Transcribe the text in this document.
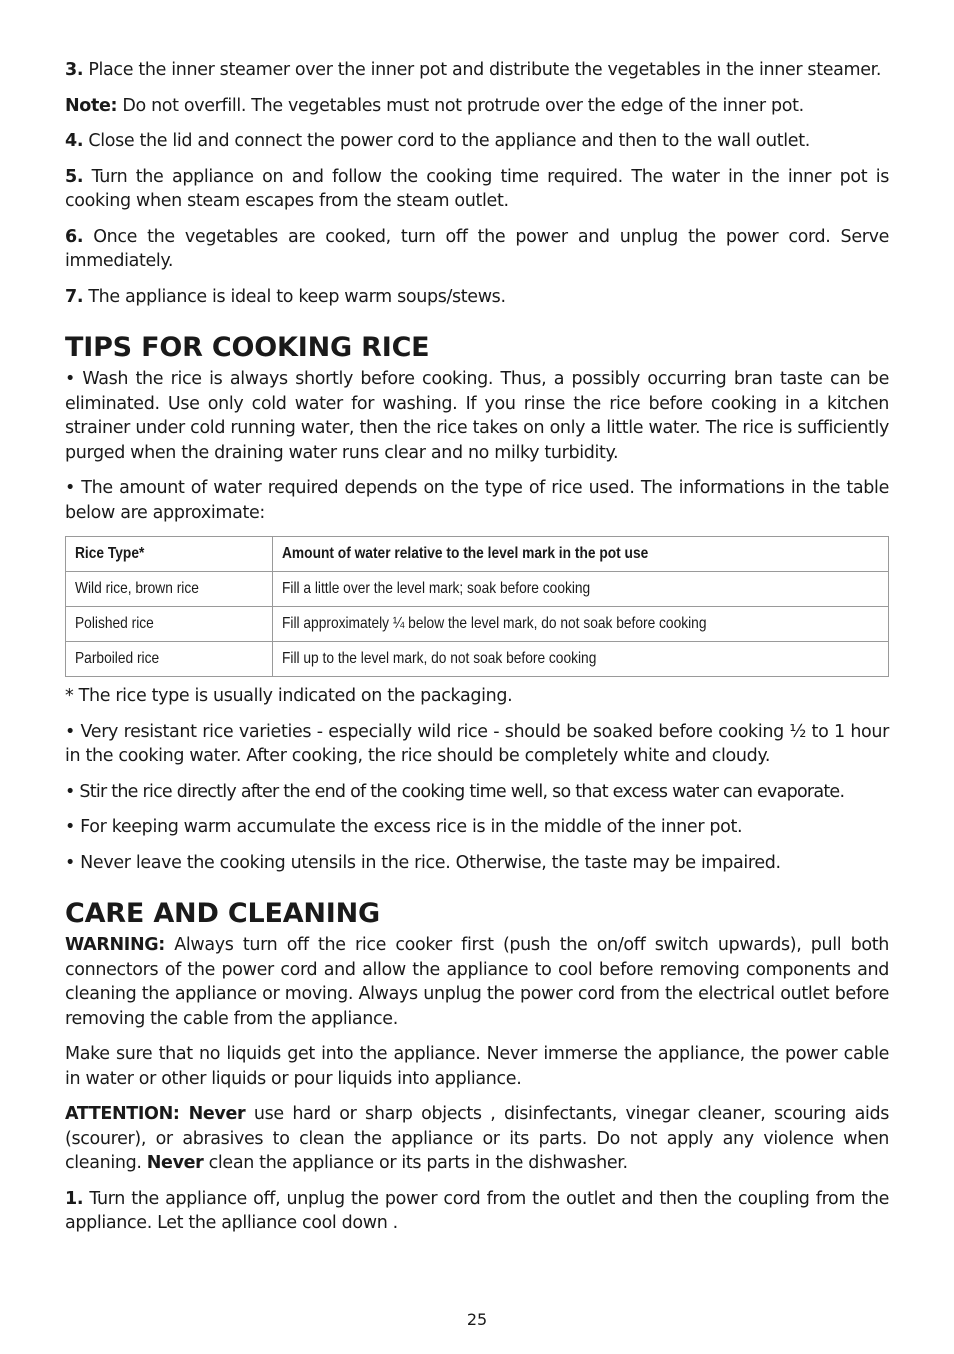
3. Place the inner steamer over the inner pot and distribute the vegetables in the inner steamer.

Note: Do not overfill. The vegetables must not protrude over the edge of the inner pot.

4. Close the lid and connect the power cord to the appliance and then to the wall outlet.

5. Turn the appliance on and follow the cooking time required. The water in the inner pot is cooking when steam escapes from the steam outlet.

6. Once the vegetables are cooked, turn off the power and unplug the power cord. Serve immediately.

7. The appliance is ideal to keep warm soups/stews.

TIPS FOR COOKING RICE

• Wash the rice is always shortly before cooking. Thus, a possibly occurring bran taste can be eliminated. Use only cold water for washing. If you rinse the rice before cooking in a kitchen strainer under cold running water, then the rice takes on only a little water. The rice is sufficiently purged when the draining water runs clear and no milky turbidity.

• The amount of water required depends on the type of rice used. The informations in the table below are approximate:

Rice Type*	Amount of water relative to the level mark in the pot use
Wild rice, brown rice	Fill a little over the level mark; soak before cooking
Polished rice	Fill approximately ¼ below the level mark, do not soak before cooking
Parboiled rice	Fill up to the level mark, do not soak before cooking

* The rice type is usually indicated on the packaging.

• Very resistant rice varieties - especially wild rice - should be soaked before cooking ½ to 1 hour in the cooking water. After cooking, the rice should be completely white and cloudy.

• Stir the rice directly after the end of the cooking time well, so that excess water can evaporate.

• For keeping warm accumulate the excess rice is in the middle of the inner pot.

• Never leave the cooking utensils in the rice. Otherwise, the taste may be impaired.

CARE AND CLEANING

WARNING: Always turn off the rice cooker first (push the on/off switch upwards), pull both connectors of the power cord and allow the appliance to cool before removing components and cleaning the appliance or moving. Always unplug the power cord from the electrical outlet before removing the cable from the appliance.

Make sure that no liquids get into the appliance. Never immerse the appliance, the power cable in water or other liquids or pour liquids into appliance.

ATTENTION: Never use hard or sharp objects , disinfectants, vinegar cleaner, scouring aids (scourer), or abrasives to clean the appliance or its parts. Do not apply any violence when cleaning. Never clean the appliance or its parts in the dishwasher.

1. Turn the appliance off, unplug the power cord from the outlet and then the coupling from the appliance. Let the aplliance cool down .

25
